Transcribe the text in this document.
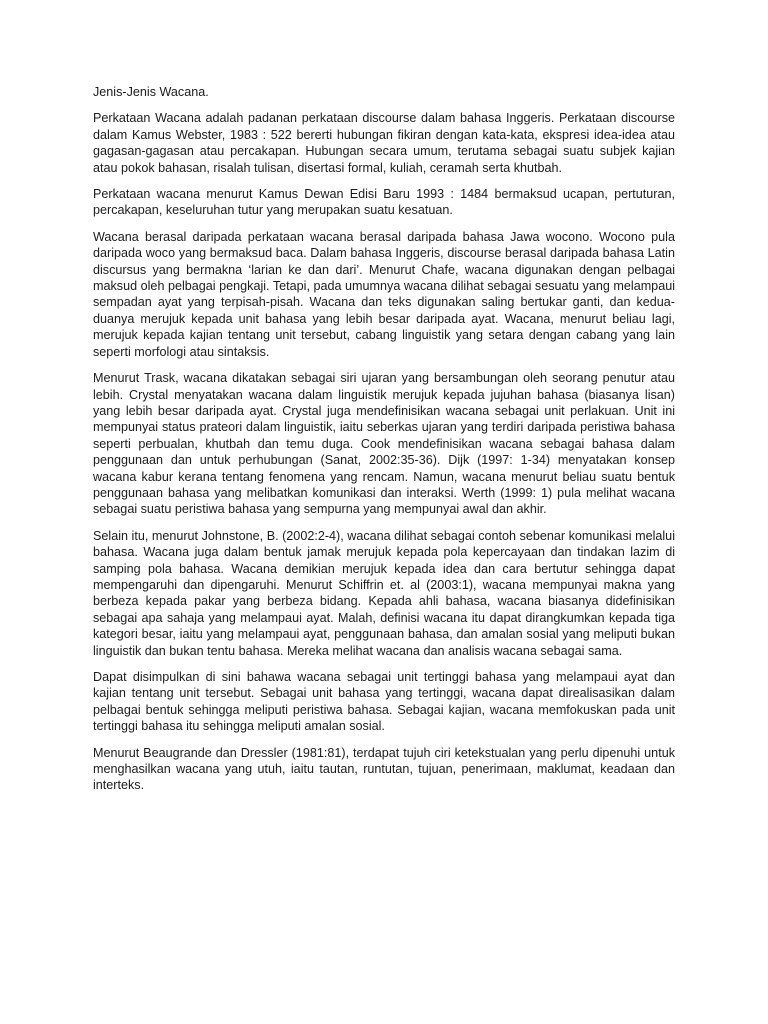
Jenis-Jenis Wacana.

Perkataan Wacana adalah padanan perkataan discourse dalam bahasa Inggeris. Perkataan discourse dalam Kamus Webster, 1983 : 522 bererti hubungan fikiran dengan kata-kata, ekspresi idea-idea atau gagasan-gagasan atau percakapan. Hubungan secara umum, terutama sebagai suatu subjek kajian atau pokok bahasan, risalah tulisan, disertasi formal, kuliah, ceramah serta khutbah.

Perkataan wacana menurut Kamus Dewan Edisi Baru 1993 : 1484 bermaksud ucapan, pertuturan, percakapan, keseluruhan tutur yang merupakan suatu kesatuan.

Wacana berasal daripada perkataan wacana berasal daripada bahasa Jawa wocono. Wocono pula daripada woco yang bermaksud baca. Dalam bahasa Inggeris, discourse berasal daripada bahasa Latin discursus yang bermakna ‘larian ke dan dari’. Menurut Chafe, wacana digunakan dengan pelbagai maksud oleh pelbagai pengkaji. Tetapi, pada umumnya wacana dilihat sebagai sesuatu yang melampaui sempadan ayat yang terpisah-pisah. Wacana dan teks digunakan saling bertukar ganti, dan kedua-duanya merujuk kepada unit bahasa yang lebih besar daripada ayat. Wacana, menurut beliau lagi, merujuk kepada kajian tentang unit tersebut, cabang linguistik yang setara dengan cabang yang lain seperti morfologi atau sintaksis.

Menurut Trask, wacana dikatakan sebagai siri ujaran yang bersambungan oleh seorang penutur atau lebih. Crystal menyatakan wacana dalam linguistik merujuk kepada jujuhan bahasa (biasanya lisan) yang lebih besar daripada ayat. Crystal juga mendefinisikan wacana sebagai unit perlakuan. Unit ini mempunyai status prateori dalam linguistik, iaitu seberkas ujaran yang terdiri daripada peristiwa bahasa seperti perbualan, khutbah dan temu duga. Cook mendefinisikan wacana sebagai bahasa dalam penggunaan dan untuk perhubungan (Sanat, 2002:35-36). Dijk (1997: 1-34) menyatakan konsep wacana kabur kerana tentang fenomena yang rencam. Namun, wacana menurut beliau suatu bentuk penggunaan bahasa yang melibatkan komunikasi dan interaksi. Werth (1999: 1) pula melihat wacana sebagai suatu peristiwa bahasa yang sempurna yang mempunyai awal dan akhir.

Selain itu, menurut Johnstone, B. (2002:2-4), wacana dilihat sebagai contoh sebenar komunikasi melalui bahasa. Wacana juga dalam bentuk jamak merujuk kepada pola kepercayaan dan tindakan lazim di samping pola bahasa. Wacana demikian merujuk kepada idea dan cara bertutur sehingga dapat mempengaruhi dan dipengaruhi. Menurut Schiffrin et. al (2003:1), wacana mempunyai makna yang berbeza kepada pakar yang berbeza bidang. Kepada ahli bahasa, wacana biasanya didefinisikan sebagai apa sahaja yang melampaui ayat. Malah, definisi wacana itu dapat dirangkumkan kepada tiga kategori besar, iaitu yang melampaui ayat, penggunaan bahasa, dan amalan sosial yang meliputi bukan linguistik dan bukan tentu bahasa. Mereka melihat wacana dan analisis wacana sebagai sama.

Dapat disimpulkan di sini bahawa wacana sebagai unit tertinggi bahasa yang melampaui ayat dan kajian tentang unit tersebut. Sebagai unit bahasa yang tertinggi, wacana dapat direalisasikan dalam pelbagai bentuk sehingga meliputi peristiwa bahasa. Sebagai kajian, wacana memfokuskan pada unit tertinggi bahasa itu sehingga meliputi amalan sosial.

Menurut Beaugrande dan Dressler (1981:81), terdapat tujuh ciri ketekstualan yang perlu dipenuhi untuk menghasilkan wacana yang utuh, iaitu tautan, runtutan, tujuan, penerimaan, maklumat, keadaan dan interteks.
